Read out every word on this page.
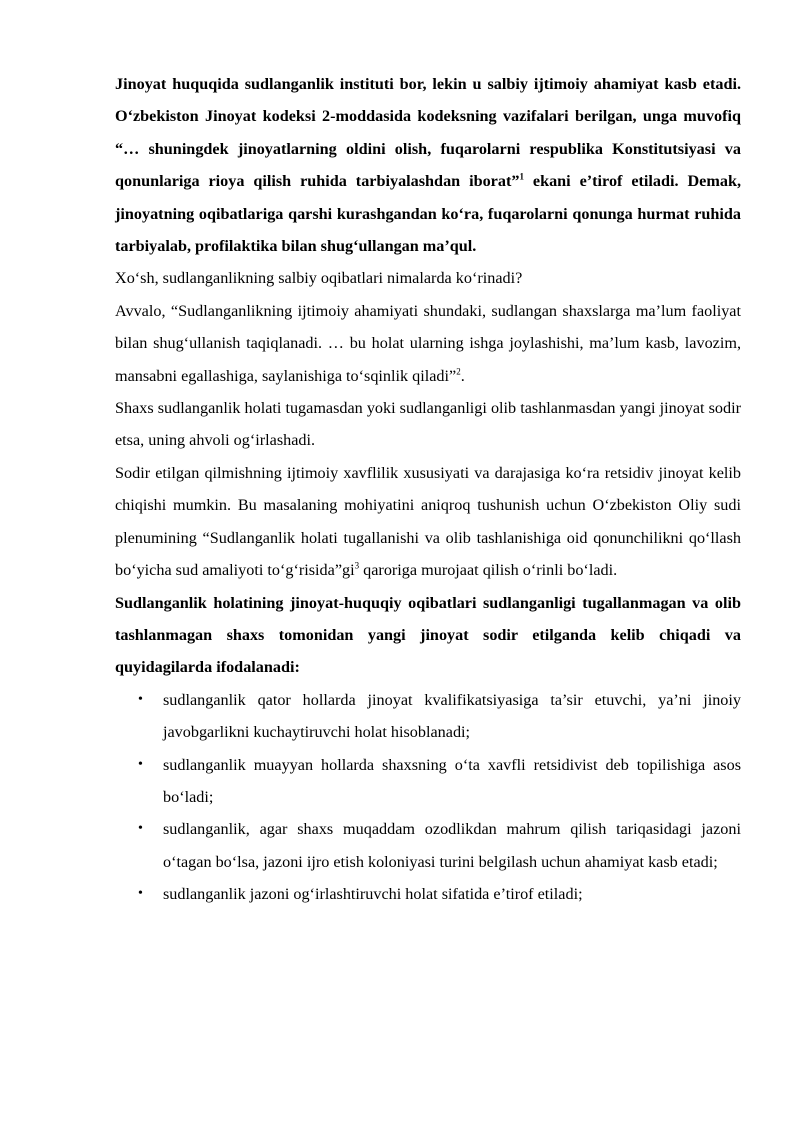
Jinoyat huquqida sudlanganlik instituti bor, lekin u salbiy ijtimoiy ahamiyat kasb etadi. O‘zbekiston Jinoyat kodeksi 2-moddasida kodeksning vazifalari berilgan, unga muvofiq “… shuningdek jinoyatlarning oldini olish, fuqarolarni respublika Konstitutsiyasi va qonunlariga rioya qilish ruhida tarbiyalashdan iborat”$^1$ ekani e’tirof etiladi. Demak, jinoyatning oqibatlariga qarshi kurashgandan ko‘ra, fuqarolarni qonunga hurmat ruhida tarbiyalab, profilaktika bilan shug‘ullangan ma’qul.

Xo‘sh, sudlanganlikning salbiy oqibatlari nimalarda ko‘rinadi?

Avvalo, “Sudlanganlikning ijtimoiy ahamiyati shundaki, sudlangan shaxslarga ma’lum faoliyat bilan shug‘ullanish taqiqlanadi. … bu holat ularning ishga joylashishi, ma’lum kasb, lavozim, mansabni egallashiga, saylanishiga to‘sqinlik qiladi”$^2$.

Shaxs sudlanganlik holati tugamasdan yoki sudlanganligi olib tashlanmasdan yangi jinoyat sodir etsa, uning ahvoli og‘irlashadi.

Sodir etilgan qilmishning ijtimoiy xavflilik xususiyati va darajasiga ko‘ra retsidiv jinoyat kelib chiqishi mumkin. Bu masalaning mohiyatini aniqroq tushunish uchun O‘zbekiston Oliy sudi plenumining “Sudlanganlik holati tugallanishi va olib tashlanishiga oid qonunchilikni qo‘llash bo‘yicha sud amaliyoti $to‘g‘risida”gi^3$ qaroriga murojaat qilish o‘rinli bo‘ladi.

Sudlanganlik holatining jinoyat-huquqiy oqibatlari sudlanganligi tugallanmagan va olib tashlanmagan shaxs tomonidan yangi jinoyat sodir etilganda kelib chiqadi va quyidagilarda ifodalanadi:

• sudlanganlik qator hollarda jinoyat kvalifikatsiyasiga ta’sir etuvchi, ya’ni jinoiy javobgarlikni kuchaytiruvchi holat hisoblanadi;
• sudlanganlik muayyan hollarda shaxsning o‘ta xavfli retsidivist deb topilishiga asos bo‘ladi;
• sudlanganlik, agar shaxs muqaddam ozodlikdan mahrum qilish tariqasidagi jazoni o‘tagan bo‘lsa, jazoni ijro etish koloniyasi turini belgilash uchun ahamiyat kasb etadi;
• sudlanganlik jazoni og‘irlashtiruvchi holat sifatida e’tirof etiladi;
